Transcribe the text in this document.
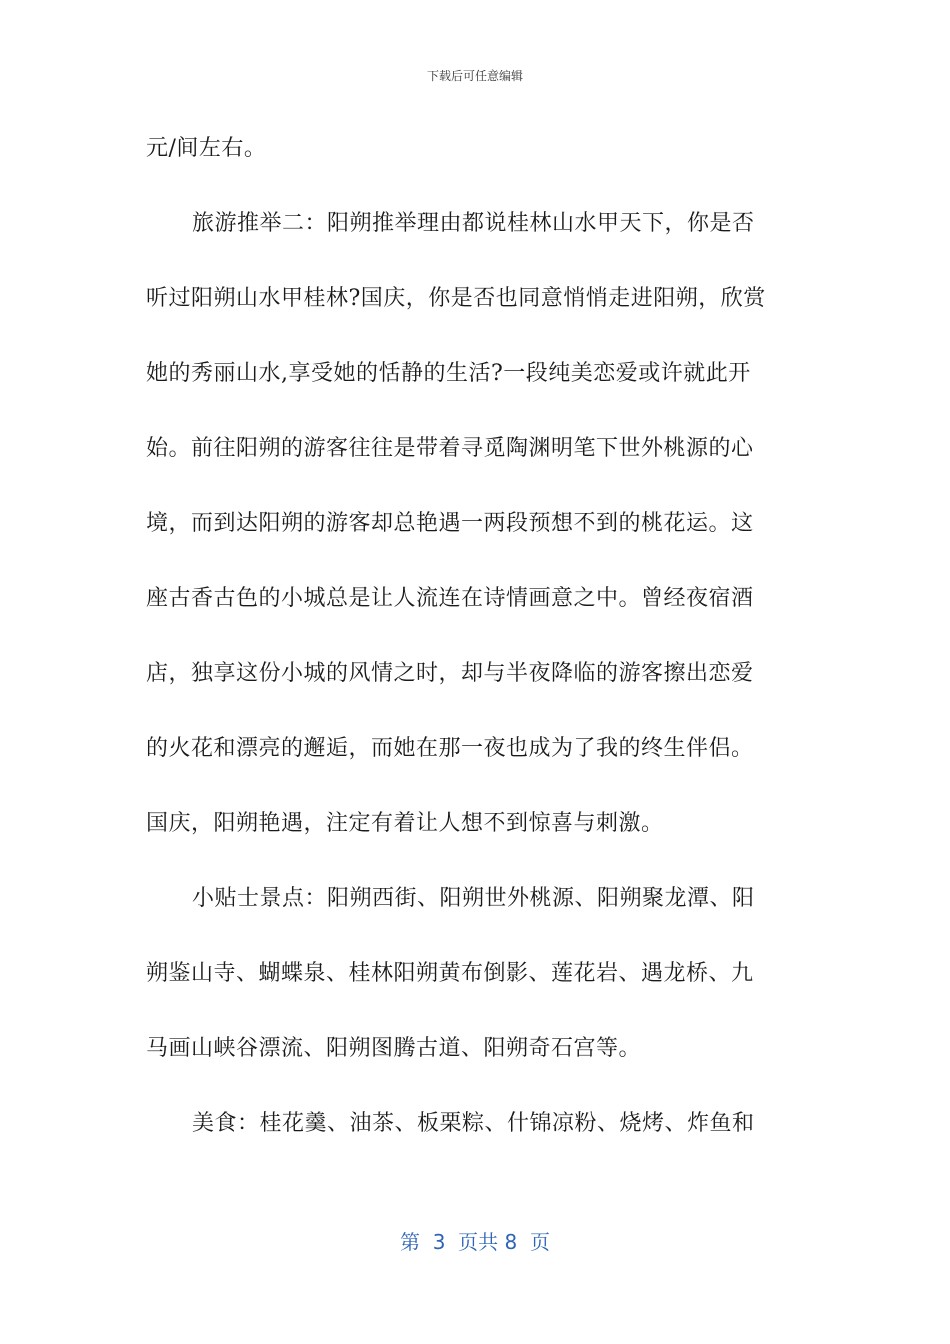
下载后可任意编辑
元/间左右。
旅游推举二：阳朔推举理由都说桂林山水甲天下，你是否
听过阳朔山水甲桂林?国庆，你是否也同意悄悄走进阳朔，欣赏
她的秀丽山水,享受她的恬静的生活?一段纯美恋爱或许就此开
始。前往阳朔的游客往往是带着寻觅陶渊明笔下世外桃源的心
境，而到达阳朔的游客却总艳遇一两段预想不到的桃花运。这
座古香古色的小城总是让人流连在诗情画意之中。曾经夜宿酒
店，独享这份小城的风情之时，却与半夜降临的游客擦出恋爱
的火花和漂亮的邂逅，而她在那一夜也成为了我的终生伴侣。
国庆，阳朔艳遇，注定有着让人想不到惊喜与刺激。
小贴士景点：阳朔西街、阳朔世外桃源、阳朔聚龙潭、阳
朔鉴山寺、蝴蝶泉、桂林阳朔黄布倒影、莲花岩、遇龙桥、九
马画山峡谷漂流、阳朔图腾古道、阳朔奇石宫等。
美食：桂花羹、油茶、板栗粽、什锦凉粉、烧烤、炸鱼和
第  3  页共 8  页
